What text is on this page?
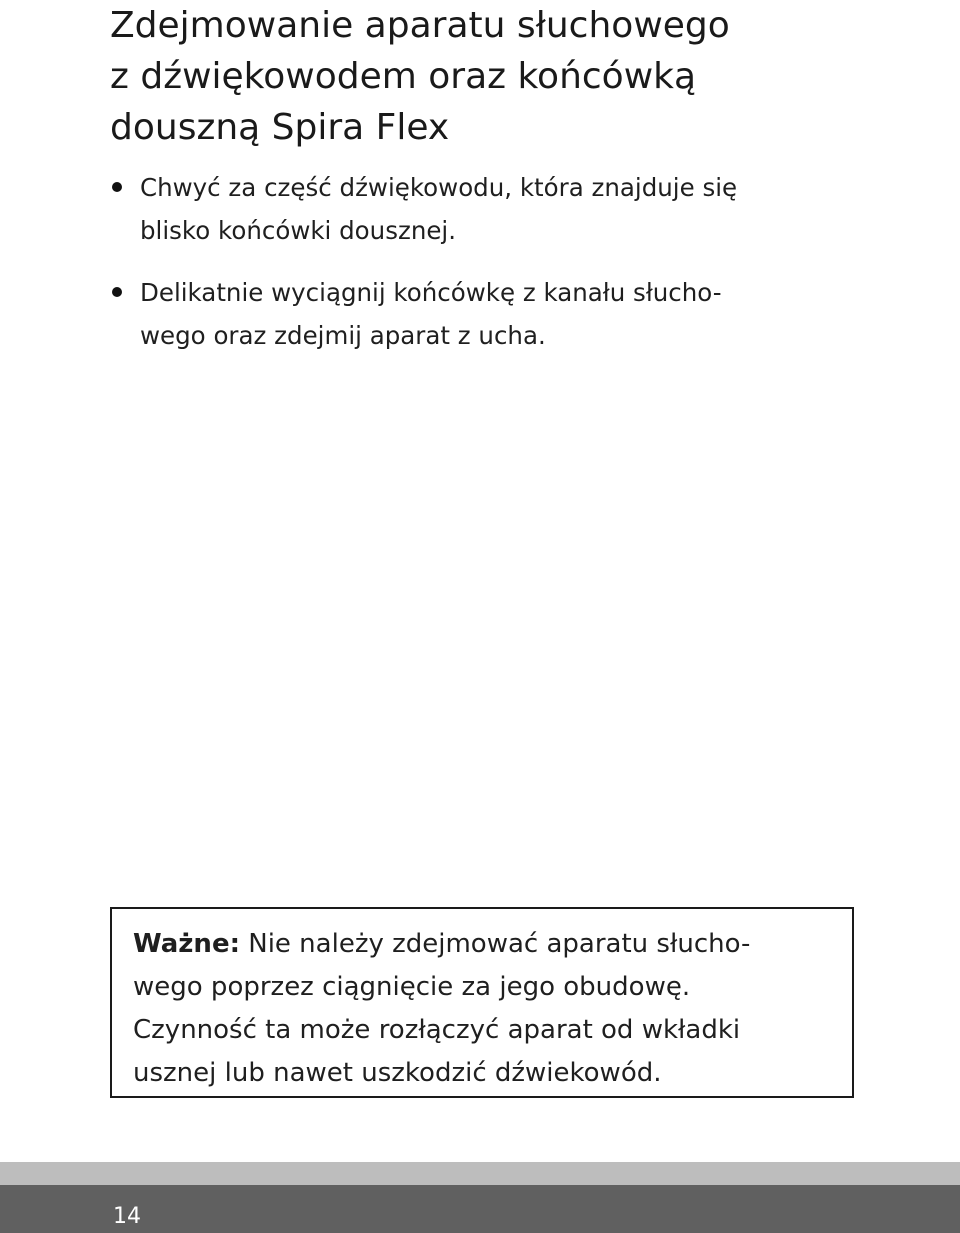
Zdejmowanie aparatu słuchowego
z dźwiękowodem oraz końcówką
douszną Spira Flex
Chwyć za część dźwiękowodu, która znajduje się
blisko końcówki dousznej.
Delikatnie wyciągnij końcówkę z kanału słucho-
wego oraz zdejmij aparat z ucha.
Ważne: Nie należy zdejmować aparatu słucho-
wego poprzez ciągnięcie za jego obudowę.
Czynność ta może rozłączyć aparat od wkładki
usznej lub nawet uszkodzić dźwiekowód.
14
